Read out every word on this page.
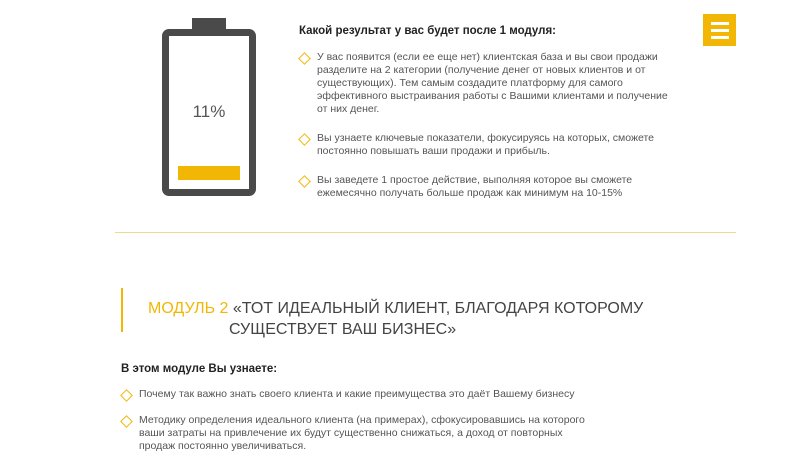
11%
Какой результат у вас будет после 1 модуля:
У вас появится (если ее еще нет) клиентская база и вы свои продажи разделите на 2 категории (получение денег от новых клиентов и от существующих). Тем самым создадите платформу для самого эффективного выстраивания работы с Вашими клиентами и получение от них денег.
Вы узнаете ключевые показатели, фокусируясь на которых, сможете постоянно повышать ваши продажи и прибыль.
Вы заведете 1 простое действие, выполняя которое вы сможете ежемесячно получать больше продаж как минимум на 10-15%
МОДУЛЬ 2 «ТОТ ИДЕАЛЬНЫЙ КЛИЕНТ, БЛАГОДАРЯ КОТОРОМУ
СУЩЕСТВУЕТ ВАШ БИЗНЕС»
В этом модуле Вы узнаете:
Почему так важно знать своего клиента и какие преимущества это даёт Вашему бизнесу
Методику определения идеального клиента (на примерах), сфокусировавшись на которого ваши затраты на привлечение их будут существенно снижаться, а доход от повторных продаж постоянно увеличиваться.
